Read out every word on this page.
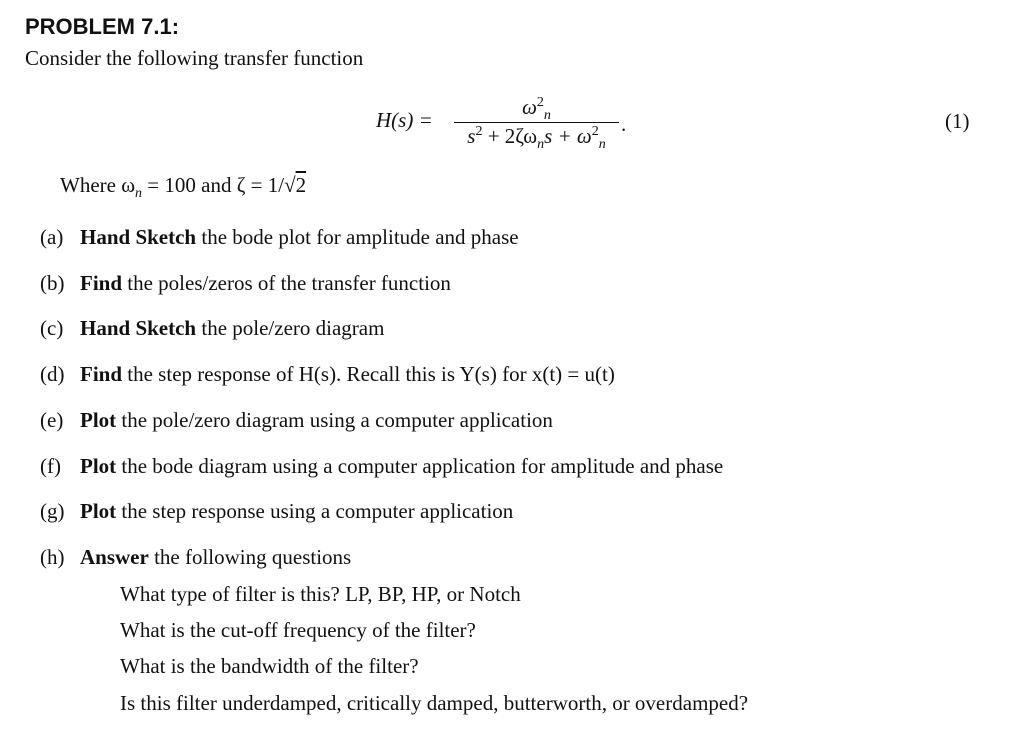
PROBLEM 7.1:
Consider the following transfer function
H(s) =
$\omega^2_n$
$s^2 + 2\zeta\omega_ns + \omega^2_n$
.	(1)
Where $\omega_n = 100$ and ζ = 1/√2
(a) Hand Sketch the bode plot for amplitude and phase
(b) Find the poles/zeros of the transfer function
(c) Hand Sketch the pole/zero diagram
(d) Find the step response of H(s). Recall this is Y(s) for x(t) = u(t)
(e) Plot the pole/zero diagram using a computer application
(f) Plot the bode diagram using a computer application for amplitude and phase
(g) Plot the step response using a computer application
(h) Answer the following questions
What type of filter is this? LP, BP, HP, or Notch
What is the cut-off frequency of the filter?
What is the bandwidth of the filter?
Is this filter underdamped, critically damped, butterworth, or overdamped?
